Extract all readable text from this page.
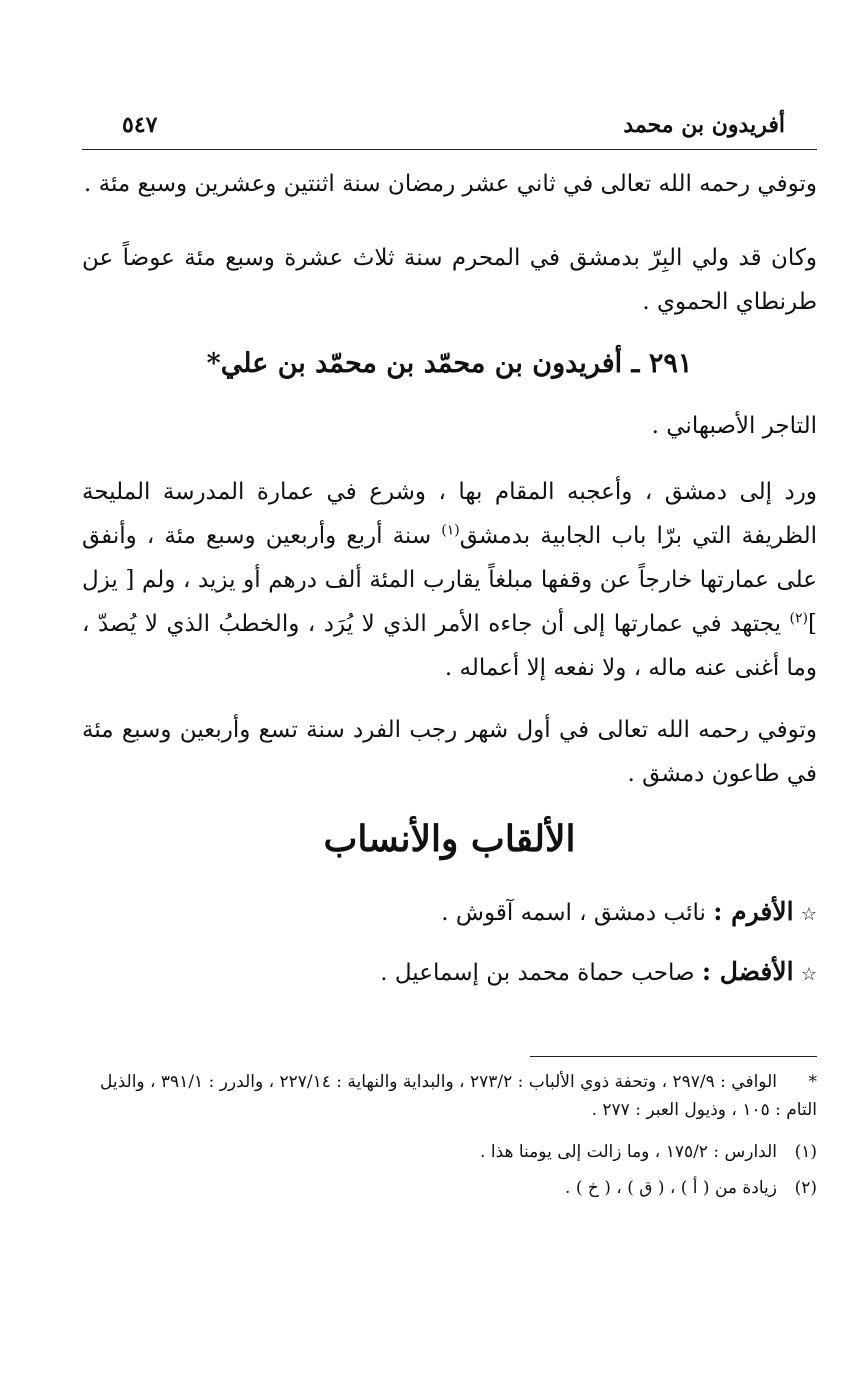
أفريدون بن محمد
٥٤٧

وتوفي رحمه الله تعالى في ثاني عشر رمضان سنة اثنتين وعشرين وسبع مئة .

وكان قد ولي البِرّ بدمشق في المحرم سنة ثلاث عشرة وسبع مئة عوضاً عن طرنطاي الحموي .

٢٩١ ـ أفريدون بن محمّد بن محمّد بن علي*

التاجر الأصبهاني .

ورد إلى دمشق ، وأعجبه المقام بها ، وشرع في عمارة المدرسة المليحة الظريفة التي برّا باب الجابية بدمشق$^{(١)}$ سنة أربع وأربعين وسبع مئة ، وأنفق على عمارتها خارجاً عن وقفها مبلغاً يقارب المئة ألف درهم أو يزيد ، ولم [ يزل ]$^{(٢)}$ يجتهد في عمارتها إلى أن جاءه الأمر الذي لا يُرَد ، والخطبُ الذي لا يُصدّ ، وما أغنى عنه ماله ، ولا نفعه إلا أعماله .

وتوفي رحمه الله تعالى في أول شهر رجب الفرد سنة تسع وأربعين وسبع مئة في طاعون دمشق .

الألقاب والأنساب
☆ الأفرم : نائب دمشق ، اسمه آقوش .
☆ الأفضل : صاحب حماة محمد بن إسماعيل .
*الوافي : ٢٩٧/٩ ، وتحفة ذوي الألباب : ٢٧٣/٢ ، والبداية والنهاية : ٢٢٧/١٤ ، والدرر : ٣٩١/١ ، والذيل التام : ١٠٥ ، وذيول العبر : ٢٧٧ .
(١)الدارس : ١٧٥/٢ ، وما زالت إلى يومنا هذا .
(٢)زيادة من ( أ ) ، ( ق ) ، ( خ ) .
